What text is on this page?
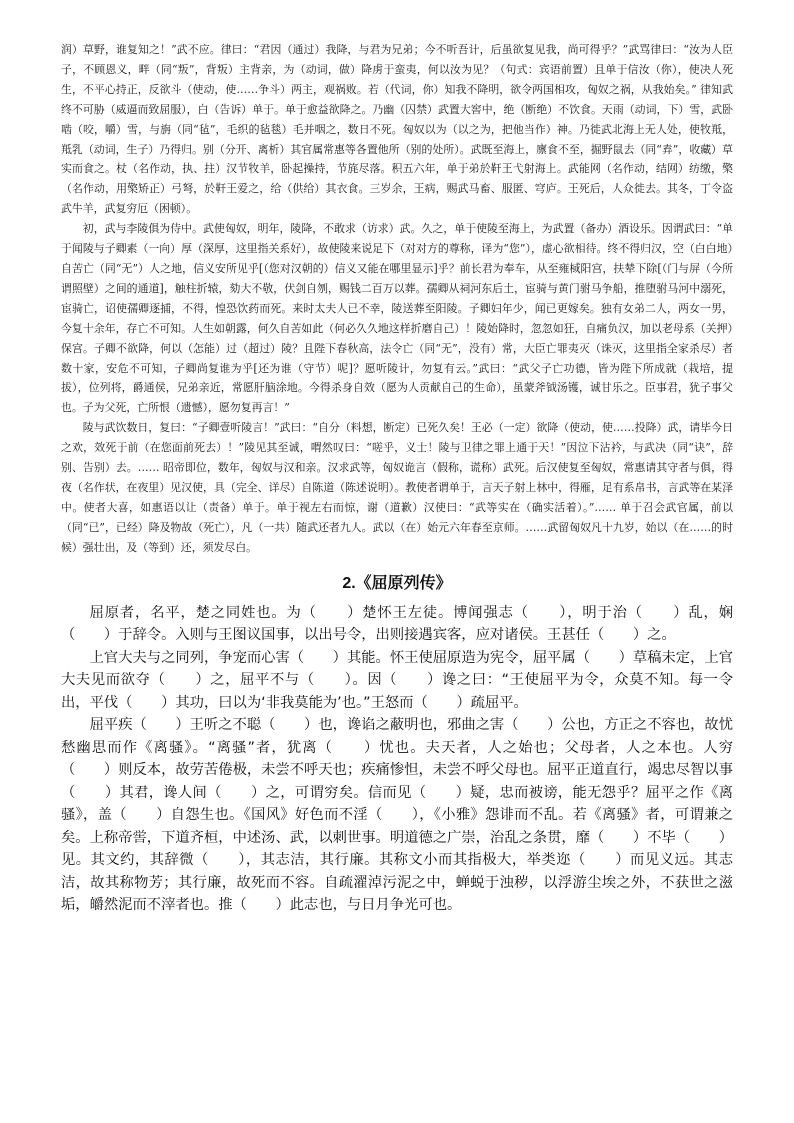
润）草野，谁复知之！”武不应。律曰：“君因（通过）我降，与君为兄弟；今不听吾计，后虽欲复见我，尚可得乎？”武骂律曰：“汝为人臣子，不顾恩义，畔（同“叛”，背叛）主背亲，为（动词，做）降虏于蛮夷，何以汝为见？（句式：宾语前置）且单于信汝（你），使决人死生，不平心持正，反欲斗（使动，使……争斗）两主，观祸败。若（代词，你）知我不降明，欲令两国相攻，匈奴之祸，从我始矣。” 律知武终不可胁（威逼而致屈服），白（告诉）单于。单于愈益欲降之。乃幽（囚禁）武置大窖中，绝（断绝）不饮食。天雨（动词，下）雪，武卧啮（咬，嚼）雪，与旃（同“毡”，毛织的毡毯）毛并咽之，数日不死。匈奴以为（以之为，把他当作）神。乃徙武北海上无人处，使牧羝，羝乳（动词，生子）乃得归。别（分开、离析）其官属常惠等各置他所（别的处所）。武既至海上，廪食不至，掘野鼠去（同“弆”，收藏）草实而食之。杖（名作动，执、拄）汉节牧羊，卧起操持，节旄尽落。积五六年，单于弟於靬王弋射海上。武能网（名作动，结网）纺缴，檠（名作动，用檠矫正）弓弩，於靬王爱之，给（供给）其衣食。三岁余，王病，赐武马畜、服匿、穹庐。王死后，人众徙去。其冬，丁令盗武牛羊，武复穷厄（困顿）。

初，武与李陵俱为侍中。武使匈奴，明年，陵降，不敢求（访求）武。久之，单于使陵至海上，为武置（备办）酒设乐。因谓武曰：“单于闻陵与子卿素（一向）厚（深厚，这里指关系好），故使陵来说足下（对对方的尊称，译为“您”），虚心欲相待。终不得归汉，空（白白地）自苦亡（同“无”）人之地，信义安所见乎[（您对汉朝的）信义又能在哪里显示]乎？前长君为奉车，从至雍棫阳宫，扶辇下除[（门与屏（今所谓照壁）之间的通道]，触柱折辕，劾大不敬，伏剑自刎，赐钱二百万以葬。孺卿从祠河东后土，宦骑与黄门驸马争船，推堕驸马河中溺死，宦骑亡，诏使孺卿逐捕，不得，惶恐饮药而死。来时太夫人已不幸，陵送葬至阳陵。子卿妇年少，闻已更嫁矣。独有女弟二人，两女一男，今复十余年，存亡不可知。人生如朝露，何久自苦如此（何必久久地这样折磨自己）！陵始降时，忽忽如狂，自痛负汉，加以老母系（关押）保宫。子卿不欲降，何以（怎能）过（超过）陵？且陛下春秋高，法令亡（同“无”，没有）常，大臣亡罪夷灭（诛灭，这里指全家杀尽）者数十家，安危不可知，子卿尚复谁为乎[还为谁（守节）呢]？愿听陵计，勿复有云。”武曰：“武父子亡功德，皆为陛下所成就（栽培，提拔），位列将，爵通侯，兄弟亲近，常愿肝脑涂地。今得杀身自效（愿为人贡献自己的生命），虽蒙斧钺汤镬，诚甘乐之。臣事君，犹子事父也。子为父死，亡所恨（遗憾），愿勿复再言！”

陵与武饮数日，复曰：“子卿壹听陵言！”武曰：“自分（料想，断定）已死久矣！王必（一定）欲降（使动，使……投降）武，请毕今日之欢，效死于前（在您面前死去）！”陵见其至诚，喟然叹曰：“嗟乎，义士！陵与卫律之罪上通于天！”因泣下沾衿，与武决（同“诀”，辞别、告别）去。…… 昭帝即位，数年，匈奴与汉和亲。汉求武等，匈奴诡言（假称，谎称）武死。后汉使复至匈奴，常惠请其守者与俱，得夜（名作状，在夜里）见汉使，具（完全、详尽）自陈道（陈述说明）。教使者谓单于，言天子射上林中，得雁，足有系帛书，言武等在某泽中。使者大喜，如惠语以让（责备）单于。单于视左右而惊，谢（道歉）汉使曰：“武等实在（确实活着）。”…… 单于召会武官属，前以（同“已”，已经）降及物故（死亡），凡（一共）随武还者九人。武以（在）始元六年春至京师。……武留匈奴凡十九岁，始以（在……的时候）强壮出，及（等到）还，须发尽白。

2.《屈原列传》

屈原者，名平，楚之同姓也。为（　　）楚怀王左徒。博闻强志（　　），明于治（　　）乱，娴（　　）于辞令。入则与王图议国事，以出号令，出则接遇宾客，应对诸侯。王甚任（　　）之。

上官大夫与之同列，争宠而心害（　　）其能。怀王使屈原造为宪令，屈平属（　　）草稿未定，上官大夫见而欲夺（　　）之，屈平不与（　　）。因（　　）谗之曰：“王使屈平为令，众莫不知。每一令出，平伐（　　）其功，曰以为‘非我莫能为’也。”王怒而（　　）疏屈平。

屈平疾（　　）王听之不聪（　　）也，谗谄之蔽明也，邪曲之害（　　）公也，方正之不容也，故忧愁幽思而作《离骚》。“离骚”者，犹离（　　）忧也。夫天者，人之始也；父母者，人之本也。人穷（　　）则反本，故劳苦倦极，未尝不呼天也；疾痛惨怛，未尝不呼父母也。屈平正道直行，竭忠尽智以事（　　）其君，谗人间（　　）之，可谓穷矣。信而见（　　）疑，忠而被谤，能无怨乎？屈平之作《离骚》，盖（　　）自怨生也。《国风》好色而不淫（　　），《小雅》怨诽而不乱。若《离骚》者，可谓兼之矣。上称帝喾，下道齐桓，中述汤、武，以刺世事。明道德之广崇，治乱之条贯，靡（　　）不毕（　　）见。其文约，其辞微（　　），其志洁，其行廉。其称文小而其指极大，举类迩（　　）而见义远。其志洁，故其称物芳；其行廉，故死而不容。自疏濯淖污泥之中，蝉蜕于浊秽，以浮游尘埃之外，不获世之滋垢，皭然泥而不滓者也。推（　　）此志也，与日月争光可也。
